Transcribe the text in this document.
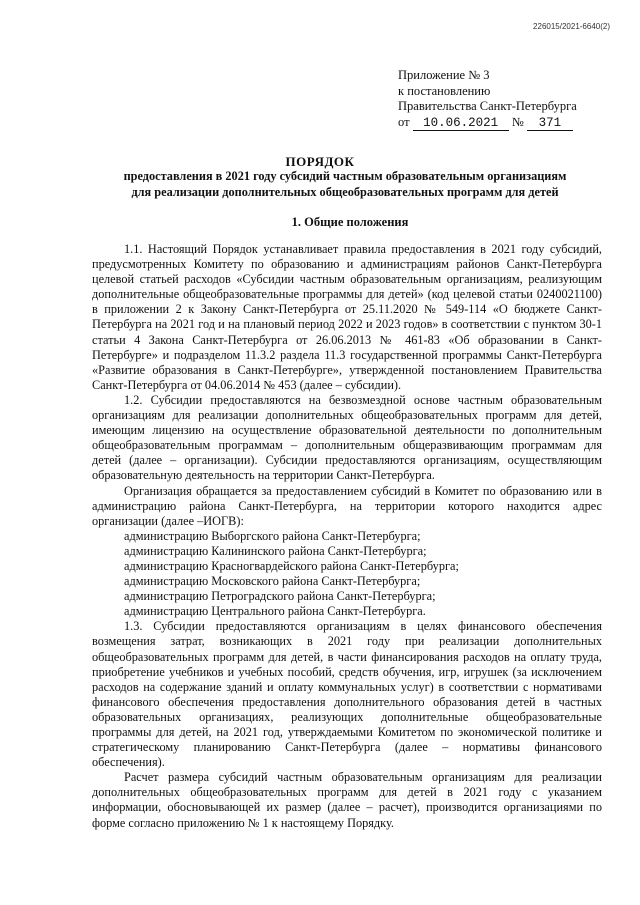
226015/2021-6640(2)
Приложение № 3
к постановлению
Правительства Санкт-Петербурга
от 10.06.2021 № 371
ПОРЯДОК
предоставления в 2021 году субсидий частным образовательным организациям
для реализации дополнительных общеобразовательных программ для детей
1. Общие положения

1.1. Настоящий Порядок устанавливает правила предоставления в 2021 году субсидий, предусмотренных Комитету по образованию и администрациям районов Санкт-Петербурга целевой статьей расходов «Субсидии частным образовательным организациям, реализующим дополнительные общеобразовательные программы для детей» (код целевой статьи 0240021100) в приложении 2 к Закону Санкт-Петербурга от 25.11.2020 № 549-114 «О бюджете Санкт-Петербурга на 2021 год и на плановый период 2022 и 2023 годов» в соответствии с пунктом 30-1 статьи 4 Закона Санкт-Петербурга от 26.06.2013 № 461-83 «Об образовании в Санкт-Петербурге» и подразделом 11.3.2 раздела 11.3 государственной программы Санкт-Петербурга «Развитие образования в Санкт-Петербурге», утвержденной постановлением Правительства Санкт-Петербурга от 04.06.2014 № 453 (далее – субсидии).

1.2. Субсидии предоставляются на безвозмездной основе частным образовательным организациям для реализации дополнительных общеобразовательных программ для детей, имеющим лицензию на осуществление образовательной деятельности по дополнительным общеобразовательным программам – дополнительным общеразвивающим программам для детей (далее – организации). Субсидии предоставляются организациям, осуществляющим образовательную деятельность на территории Санкт-Петербурга.

Организация обращается за предоставлением субсидий в Комитет по образованию или в администрацию района Санкт-Петербурга, на территории которого находится адрес организации (далее –ИОГВ):

администрацию Выборгского района Санкт-Петербурга;

администрацию Калининского района Санкт-Петербурга;

администрацию Красногвардейского района Санкт-Петербурга;

администрацию Московского района Санкт-Петербурга;

администрацию Петроградского района Санкт-Петербурга;

администрацию Центрального района Санкт-Петербурга.

1.3. Субсидии предоставляются организациям в целях финансового обеспечения возмещения затрат, возникающих в 2021 году при реализации дополнительных общеобразовательных программ для детей, в части финансирования расходов на оплату труда, приобретение учебников и учебных пособий, средств обучения, игр, игрушек (за исключением расходов на содержание зданий и оплату коммунальных услуг) в соответствии с нормативами финансового обеспечения предоставления дополнительного образования детей в частных образовательных организациях, реализующих дополнительные общеобразовательные программы для детей, на 2021 год, утверждаемыми Комитетом по экономической политике и стратегическому планированию Санкт-Петербурга (далее – нормативы финансового обеспечения).

Расчет размера субсидий частным образовательным организациям для реализации дополнительных общеобразовательных программ для детей в 2021 году с указанием информации, обосновывающей их размер (далее – расчет), производится организациями по форме согласно приложению № 1 к настоящему Порядку.
